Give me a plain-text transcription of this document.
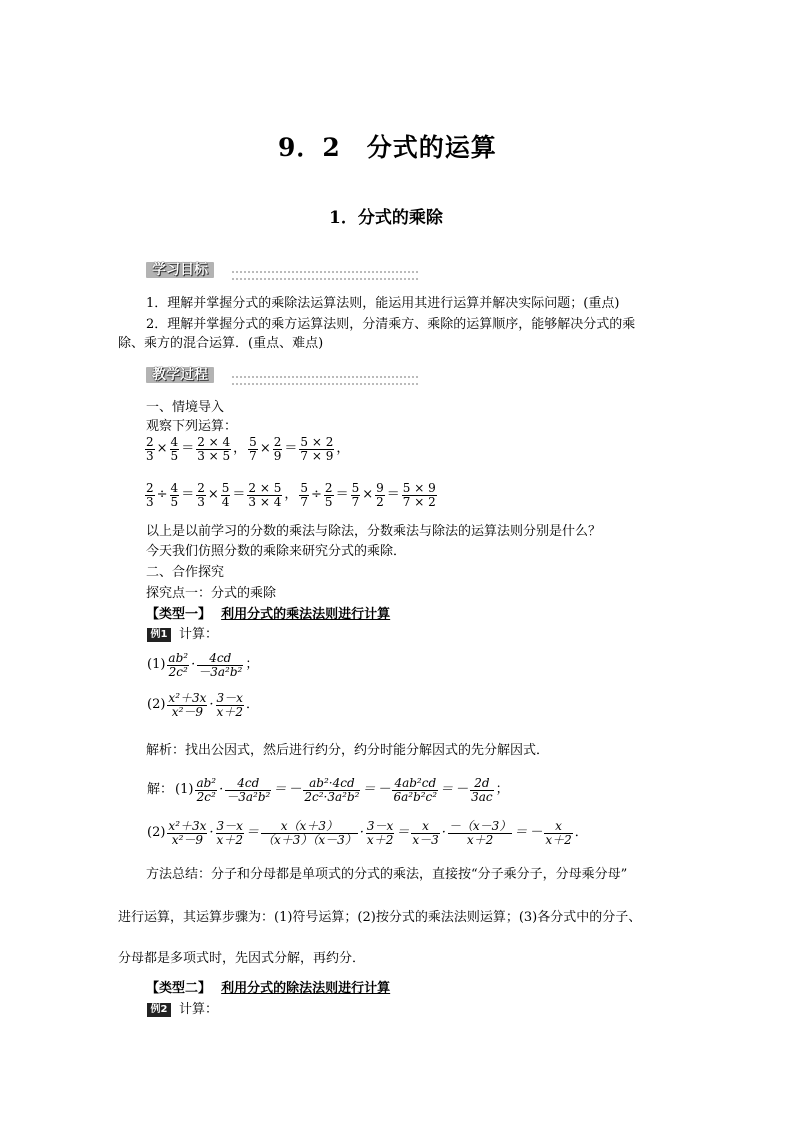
9．2　分式的运算
1．分式的乘除
学习目标
1．理解并掌握分式的乘除法运算法则，能运用其进行运算并解决实际问题；(重点)
2．理解并掌握分式的乘方运算法则，分清乘方、乘除的运算顺序，能够解决分式的乘
除、乘方的混合运算．(重点、难点)
教学过程
一、情境导入
观察下列运算：
$\frac{2}{3} \times \frac{4}{5} = \frac{2 \times 4}{3 \times 5}$ ， $\frac{5}{7} \times \frac{2}{9} = \frac{5 \times 2}{7 \times 9}$ ，
$\frac{2}{3} \div \frac{4}{5} = \frac{2}{3} \times \frac{5}{4} = \frac{2 \times 5}{3 \times 4}$ ， $\frac{5}{7} \div \frac{2}{5} = \frac{5}{7} \times \frac{9}{2} = \frac{5 \times 9}{7 \times 2}$
以上是以前学习的分数的乘法与除法，分数乘法与除法的运算法则分别是什么？
今天我们仿照分数的乘除来研究分式的乘除．
二、合作探究
探究点一：分式的乘除
【类型一】 利用分式的乘法法则进行计算
例1 计算：
$(1) \frac{\text{ab²}}{\text{2c²}} \cdot \frac{4cd}{\text{－3a²b²}}$ ；
$(2) \frac{\text{x²＋3x}}{\text{x²－9}} \cdot \frac{3-x}{x+2}$ ．
解析：找出公因式，然后进行约分，约分时能分解因式的先分解因式．
解： $(1) \frac{\text{ab²}}{\text{2c²}} \cdot \frac{4cd}{\text{－3a²b²}}$ ＝ － $\frac{\text{ab²·4cd}}{\text{2c²·3a²b²}}$ ＝ － $\frac{\text{4ab²cd}}{\text{6a²b²c²}}$ ＝ － $\frac{2d}{3ac}$ ；
$(2) \frac{\text{x²＋3x}}{\text{x²－9}} \cdot \frac{3-x}{x+2} = \frac{x(x+3)}{(x+3)(x-3)} \cdot \frac{3-x}{x+2} = \frac{x}{x-3} \cdot \frac{-(x-3)}{x+2}$ ＝ － $\frac{x}{x+2}$ ．
方法总结：分子和分母都是单项式的分式的乘法，直接按“分子乘分子，分母乘分母”
进行运算，其运算步骤为：(1)符号运算；(2)按分式的乘法法则运算；(3)各分式中的分子、
分母都是多项式时，先因式分解，再约分．
【类型二】 利用分式的除法法则进行计算
例2 计算：
